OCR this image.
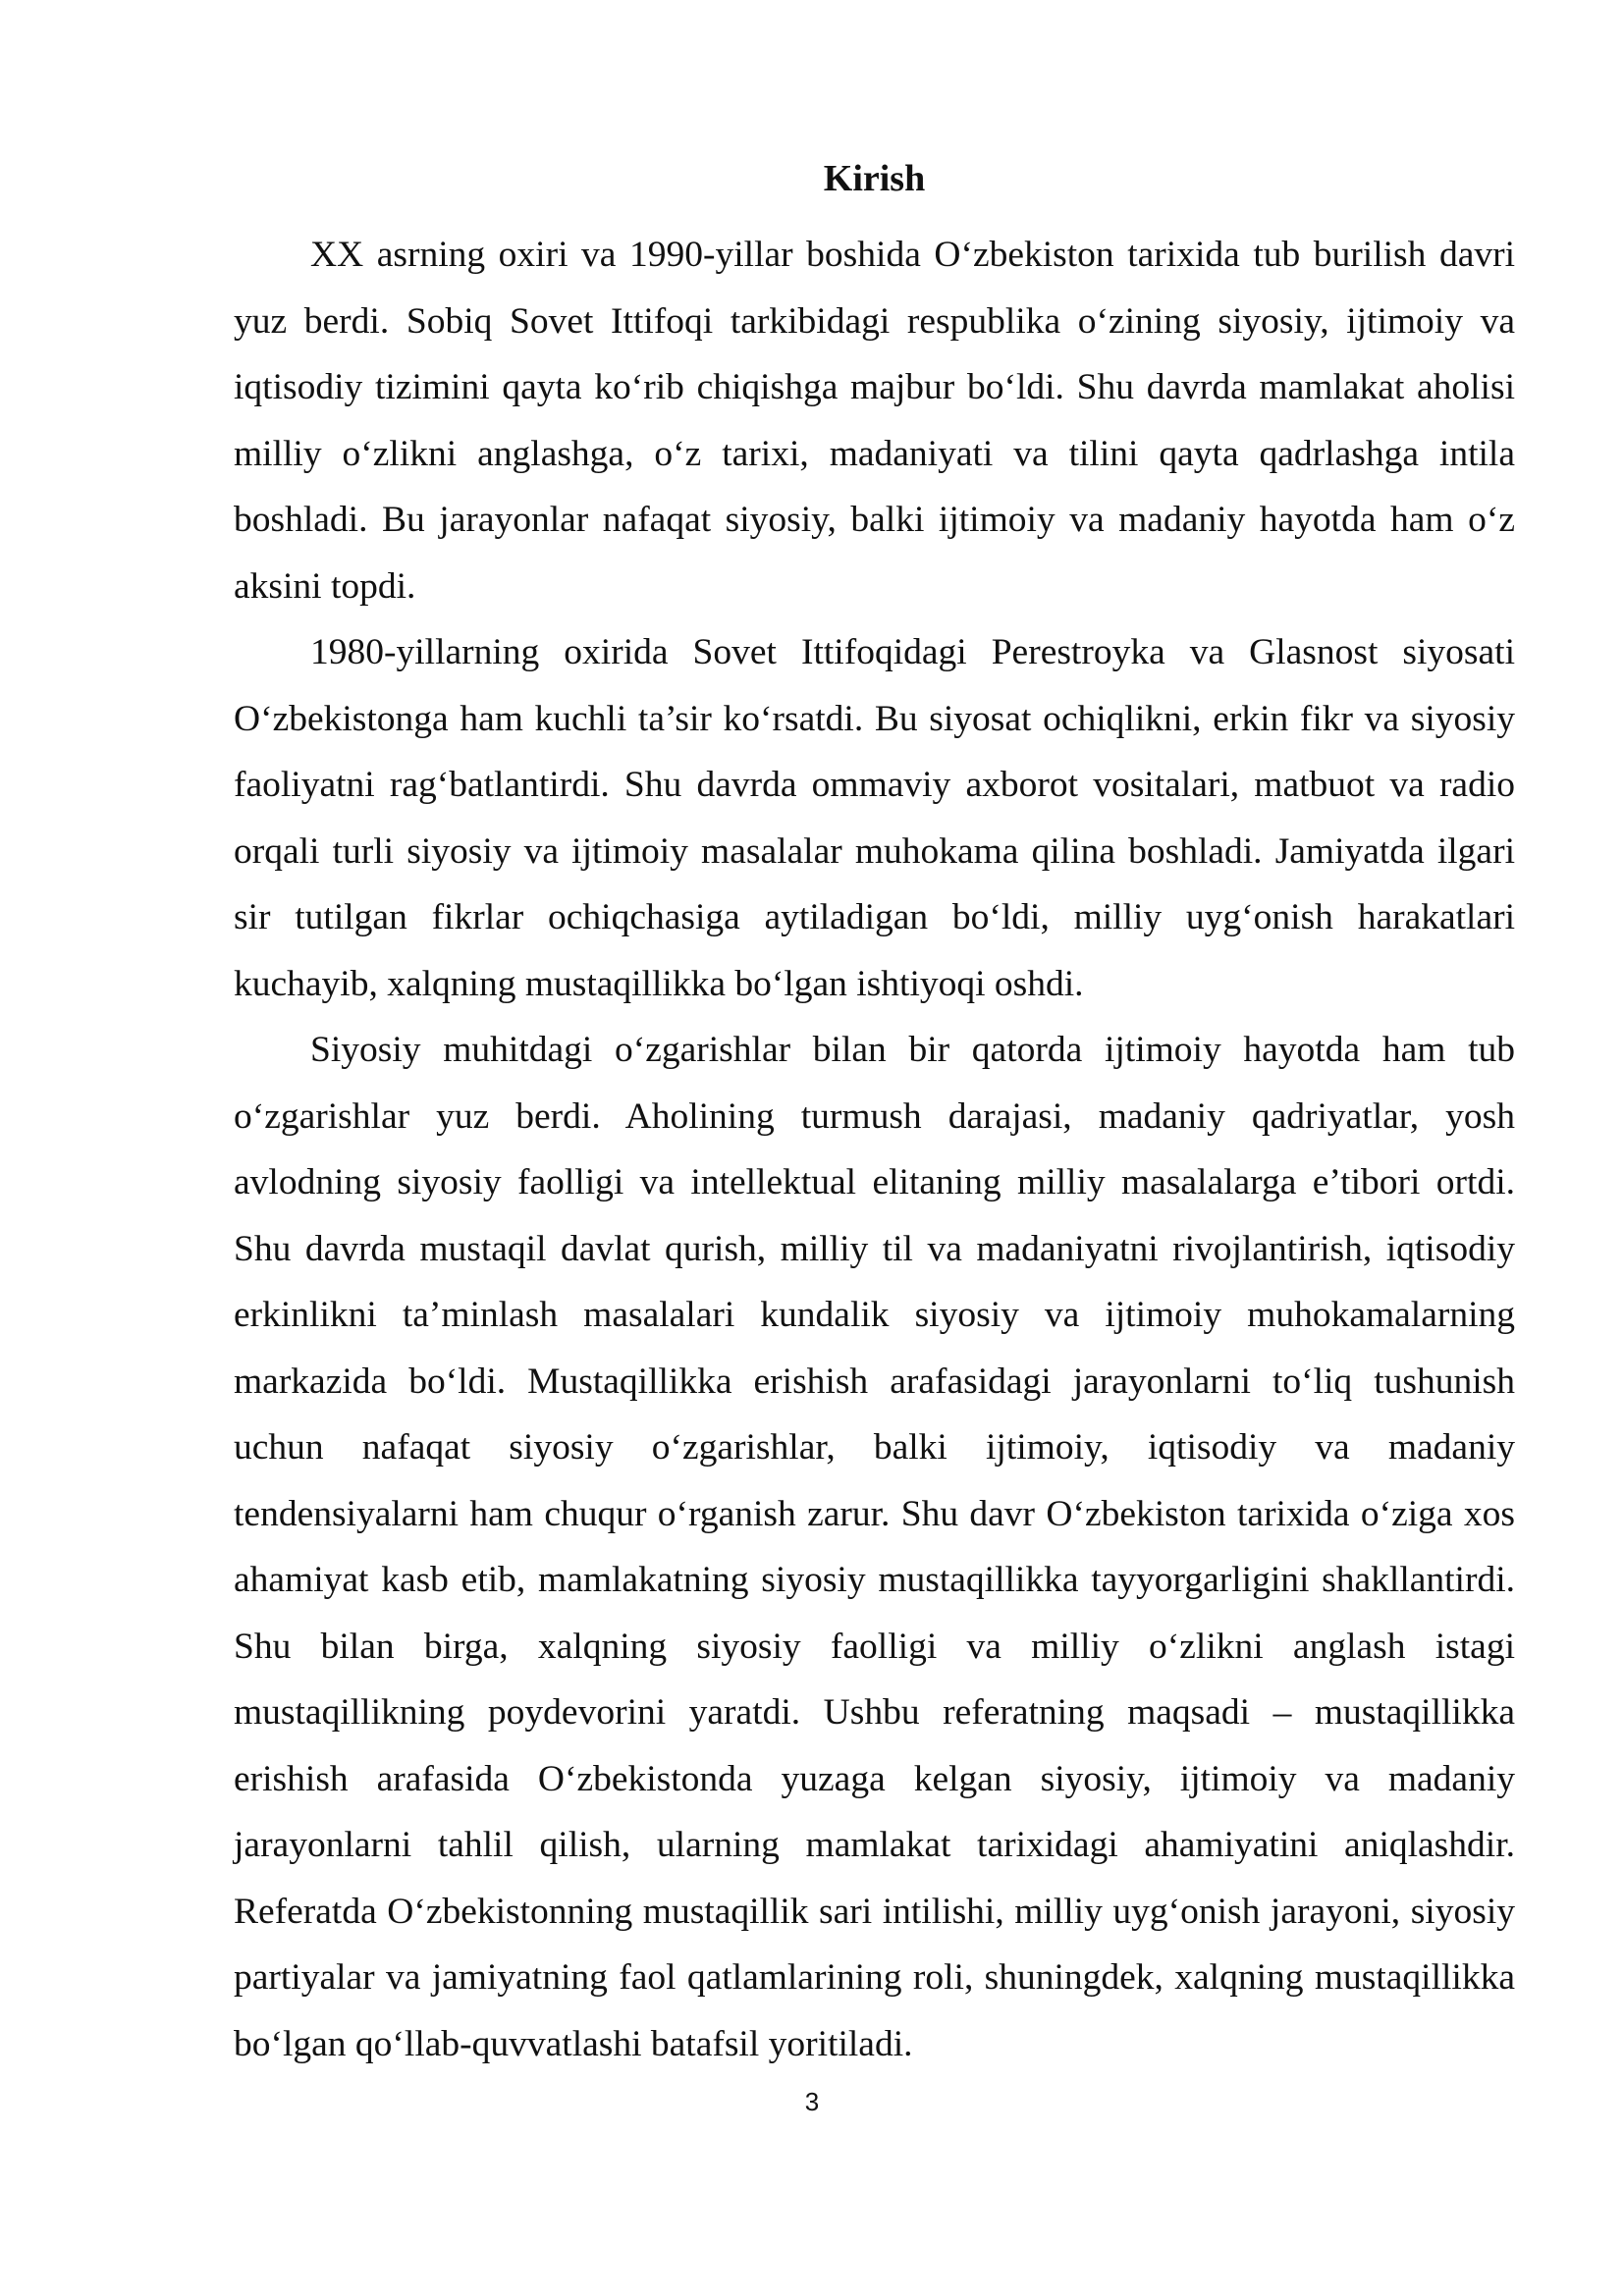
Kirish

XX asrning oxiri va 1990-yillar boshida O‘zbekiston tarixida tub burilish davri yuz berdi. Sobiq Sovet Ittifoqi tarkibidagi respublika o‘zining siyosiy, ijtimoiy va iqtisodiy tizimini qayta ko‘rib chiqishga majbur bo‘ldi. Shu davrda mamlakat aholisi milliy o‘zlikni anglashga, o‘z tarixi, madaniyati va tilini qayta qadrlashga intila boshladi. Bu jarayonlar nafaqat siyosiy, balki ijtimoiy va madaniy hayotda ham o‘z aksini topdi.

1980-yillarning oxirida Sovet Ittifoqidagi Perestroyka va Glasnost siyosati O‘zbekistonga ham kuchli ta’sir ko‘rsatdi. Bu siyosat ochiqlikni, erkin fikr va siyosiy faoliyatni rag‘batlantirdi. Shu davrda ommaviy axborot vositalari, matbuot va radio orqali turli siyosiy va ijtimoiy masalalar muhokama qilina boshladi. Jamiyatda ilgari sir tutilgan fikrlar ochiqchasiga aytiladigan bo‘ldi, milliy uyg‘onish harakatlari kuchayib, xalqning mustaqillikka bo‘lgan ishtiyoqi oshdi.

Siyosiy muhitdagi o‘zgarishlar bilan bir qatorda ijtimoiy hayotda ham tub o‘zgarishlar yuz berdi. Aholining turmush darajasi, madaniy qadriyatlar, yosh avlodning siyosiy faolligi va intellektual elitaning milliy masalalarga e’tibori ortdi. Shu davrda mustaqil davlat qurish, milliy til va madaniyatni rivojlantirish, iqtisodiy erkinlikni ta’minlash masalalari kundalik siyosiy va ijtimoiy muhokamalarning markazida bo‘ldi. Mustaqillikka erishish arafasidagi jarayonlarni to‘liq tushunish uchun nafaqat siyosiy o‘zgarishlar, balki ijtimoiy, iqtisodiy va madaniy tendensiyalarni ham chuqur o‘rganish zarur. Shu davr O‘zbekiston tarixida o‘ziga xos ahamiyat kasb etib, mamlakatning siyosiy mustaqillikka tayyorgarligini shakllantirdi. Shu bilan birga, xalqning siyosiy faolligi va milliy o‘zlikni anglash istagi mustaqillikning poydevorini yaratdi. Ushbu referatning maqsadi – mustaqillikka erishish arafasida O‘zbekistonda yuzaga kelgan siyosiy, ijtimoiy va madaniy jarayonlarni tahlil qilish, ularning mamlakat tarixidagi ahamiyatini aniqlashdir. Referatda O‘zbekistonning mustaqillik sari intilishi, milliy uyg‘onish jarayoni, siyosiy partiyalar va jamiyatning faol qatlamlarining roli, shuningdek, xalqning mustaqillikka bo‘lgan qo‘llab-quvvatlashi batafsil yoritiladi.

3
